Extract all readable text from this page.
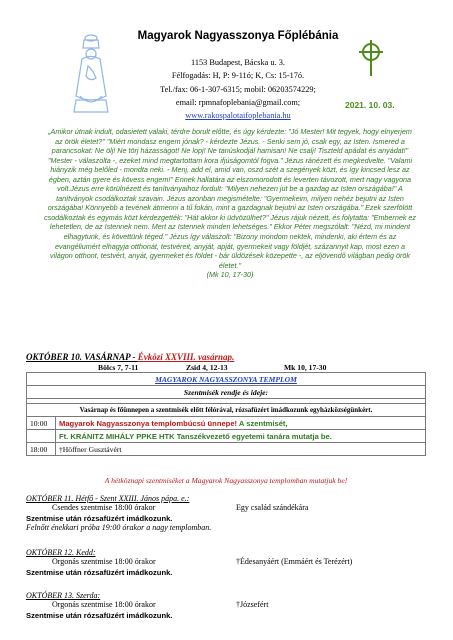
Magyarok Nagyasszonya Főplébánia
1153 Budapest, Bácska u. 3.
Félfogadás: H, P: 9-11ó; K, Cs: 15-17ó.
Tel./fax: 06-1-307-6315; mobil: 06203574229;
email: rpmnafoplebania@gmail.com;
www.rakospalotaifoplebania.hu
2021. 10. 03.
„Amikor útnak indult, odasietett valaki, térdre borult előtte, és úgy kérdezte: "Jó Mester! Mit tegyek, hogy elnyerjem az örök életet?" "Miért mondasz engem jónak? - kérdezte Jézus. - Senki sem jó, csak egy, az Isten. Ismered a parancsokat: Ne ölj! Ne törj házasságot! Ne lopj! Ne tanúskodjál hamisan! Ne csalj! Tiszteld apádat és anyádat!" "Mester - válaszolta -, ezeket mind megtartottam kora ifjúságomtól fogva." Jézus ránézett és megkedvelte. "Valami hiányzik még belőled - mondta neki. - Menj, add el, amid van, oszd szét a szegények közt, és így kincsed lesz az égben, aztán gyere és kövess engem!" Ennek hallatára az elszomorodott és leverten távozott, mert nagy vagyona volt.Jézus erre körülnézett és tanítványaihoz fordult: "Milyen nehezen jut be a gazdag az Isten országába!" A tanítványok csodálkoztak szavain. Jézus azonban megismételte: "Gyermekeim, milyen nehéz bejutni az Isten országába! Könnyebb a tevének átmenni a tű fokán, mint a gazdagnak bejutni az Isten országába." Ezek szerfölött csodálkoztak és egymás közt kérdezgették: "Hát akkor ki üdvözülhet?" Jézus rájuk nézett, és folytatta: "Embernek ez lehetetlen, de az Istennek nem. Mert az Istennek minden lehetséges." Ekkor Péter megszólalt: "Nézd, mi mindent elhagytunk, és követtünk téged." Jézus így válaszolt: "Bizony mondom nektek, mindenki, aki értem és az evangéliumért elhagyja otthonát, testvéreit, anyját, apját, gyermekeit vagy földjét, százannyit kap, most ezen a világon otthont, testvért, anyát, gyermeket és földet - bár üldözések közepette -, az eljövendő világban pedig örök életet."
(Mk 10, 17-30)
OKTÓBER 10. VASÁRNAP - Évközi XXVIII. vasárnap.
Bölcs 7, 7-11	Zsid 4, 12-13	Mk 10, 17-30
MAGYAROK NAGYASSZONYA TEMPLOM	
Szentmisék rendje és ideje:	

Vasárnap és főünnepen a szentmisék előtt félórával, rózsafüzért imádkozunk egyházközségünkért.	
10:00	Magyarok Nagyasszonya templombúcsú ünnepe! A szentmisét,
	Ft. KRÁNITZ MIHÁLY PPKE HTK Tanszékvezető egyetemi tanára mutatja be.
18:00	†Höffner Gusztávért
A hétköznapi szentmiséket a Magyarok Nagyasszonya templomban mutatjuk be!
OKTÓBER 11. Hétfő - Szent XXIII. János pápa. e.:
Csendes szentmise 18:00 órakor	Egy család szándékára
Szentmise után rózsafüzért imádkozunk.
Felnőtt énekkari próba 19:00 órakor a nagy templomban.
OKTÓBER 12. Kedd:
Orgonás szentmise 18:00 órakor	†Édesanyáért (Emmáért és Terézért)
Szentmise után rózsafüzért imádkozunk.
OKTÓBER 13. Szerda:
Orgonás szentmise 18:00 órakor	†Józsefért
Szentmise után rózsafüzért imádkozunk.
